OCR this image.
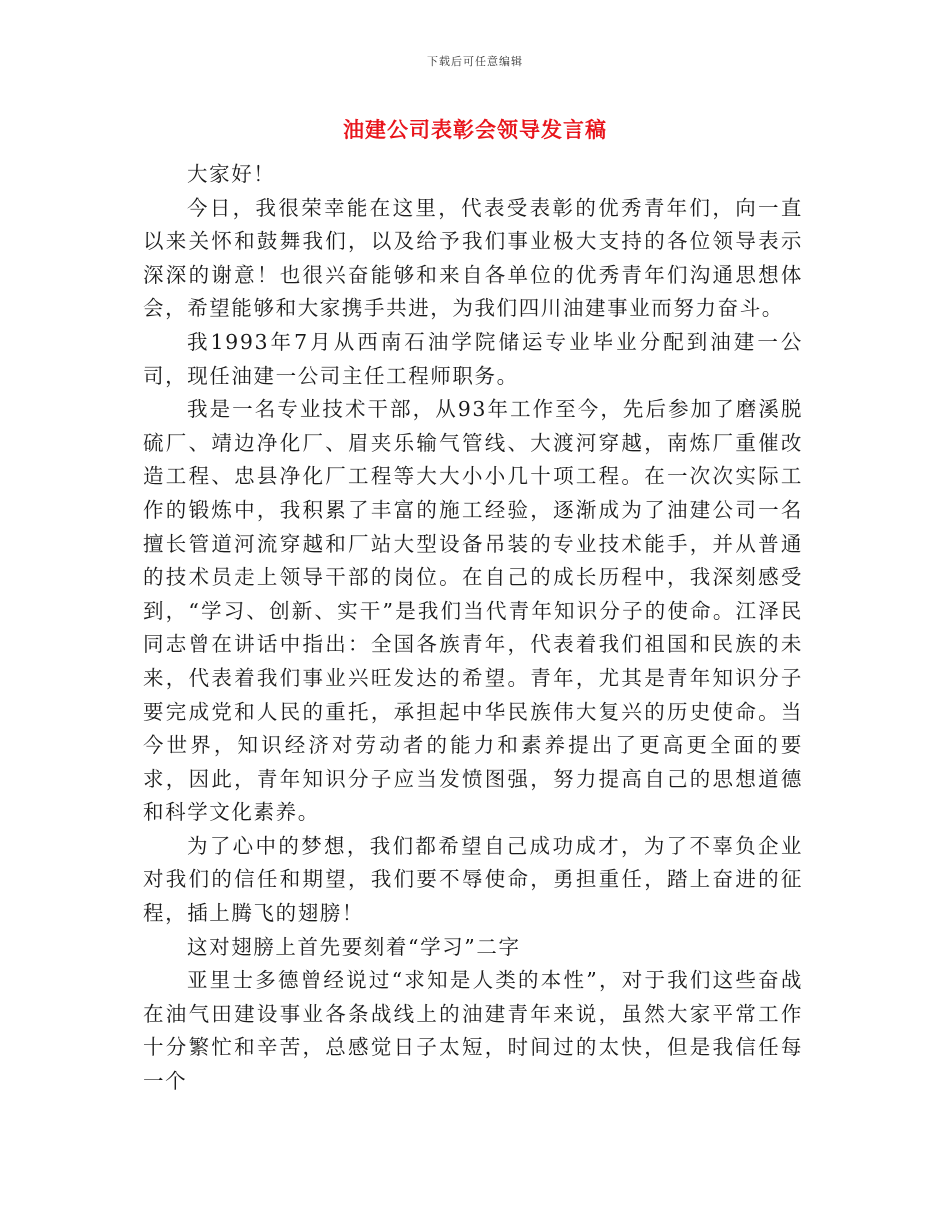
下载后可任意编辑
油建公司表彰会领导发言稿

大家好！

今日，我很荣幸能在这里，代表受表彰的优秀青年们，向一直以来关怀和鼓舞我们，以及给予我们事业极大支持的各位领导表示深深的谢意！也很兴奋能够和来自各单位的优秀青年们沟通思想体会，希望能够和大家携手共进，为我们四川油建事业而努力奋斗。

我1993年7月从西南石油学院储运专业毕业分配到油建一公司，现任油建一公司主任工程师职务。

我是一名专业技术干部，从93年工作至今，先后参加了磨溪脱硫厂、靖边净化厂、眉夹乐输气管线、大渡河穿越，南炼厂重催改造工程、忠县净化厂工程等大大小小几十项工程。在一次次实际工作的锻炼中，我积累了丰富的施工经验，逐渐成为了油建公司一名擅长管道河流穿越和厂站大型设备吊装的专业技术能手，并从普通的技术员走上领导干部的岗位。在自己的成长历程中，我深刻感受到，“学习、创新、实干”是我们当代青年知识分子的使命。江泽民同志曾在讲话中指出：全国各族青年，代表着我们祖国和民族的未来，代表着我们事业兴旺发达的希望。青年，尤其是青年知识分子要完成党和人民的重托，承担起中华民族伟大复兴的历史使命。当今世界，知识经济对劳动者的能力和素养提出了更高更全面的要求，因此，青年知识分子应当发愤图强，努力提高自己的思想道德和科学文化素养。

为了心中的梦想，我们都希望自己成功成才，为了不辜负企业对我们的信任和期望，我们要不辱使命，勇担重任，踏上奋进的征程，插上腾飞的翅膀！

这对翅膀上首先要刻着“学习”二字

亚里士多德曾经说过“求知是人类的本性”，对于我们这些奋战在油气田建设事业各条战线上的油建青年来说，虽然大家平常工作十分繁忙和辛苦，总感觉日子太短，时间过的太快，但是我信任每一个
